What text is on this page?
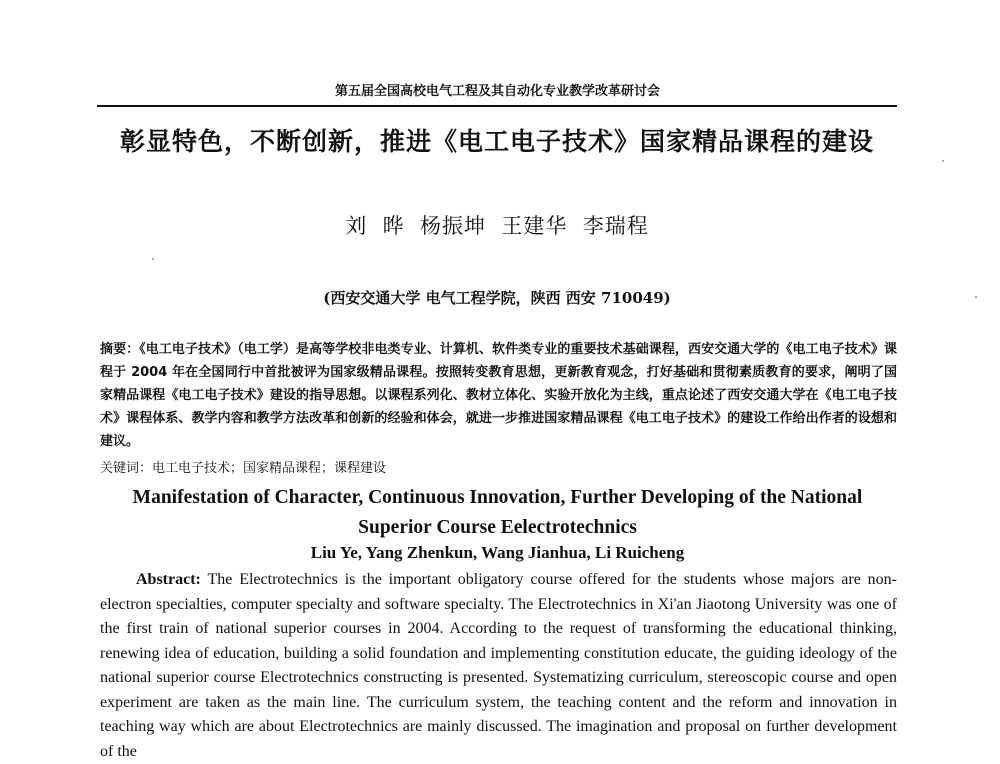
第五届全国高校电气工程及其自动化专业教学改革研讨会
彰显特色，不断创新，推进《电工电子技术》国家精品课程的建设
刘  晔  杨振坤  王建华  李瑞程
(西安交通大学 电气工程学院，陕西 西安 710049)
摘要：《电工电子技术》（电工学）是高等学校非电类专业、计算机、软件类专业的重要技术基础课程，西安交通大学的《电工电子技术》课程于 2004 年在全国同行中首批被评为国家级精品课程。按照转变教育思想，更新教育观念，打好基础和贯彻素质教育的要求，阐明了国家精品课程《电工电子技术》建设的指导思想。以课程系列化、教材立体化、实验开放化为主线，重点论述了西安交通大学在《电工电子技术》课程体系、教学内容和教学方法改革和创新的经验和体会，就进一步推进国家精品课程《电工电子技术》的建设工作给出作者的设想和建议。
关键词：电工电子技术；国家精品课程；课程建设
Manifestation of Character, Continuous Innovation, Further Developing of the National Superior Course Eelectrotechnics
Liu Ye, Yang Zhenkun, Wang Jianhua, Li Ruicheng
Abstract: The Electrotechnics is the important obligatory course offered for the students whose majors are non-electron specialties, computer specialty and software specialty. The Electrotechnics in Xi'an Jiaotong University was one of the first train of national superior courses in 2004. According to the request of transforming the educational thinking, renewing idea of education, building a solid foundation and implementing constitution educate, the guiding ideology of the national superior course Electrotechnics constructing is presented. Systematizing curriculum, stereoscopic course and open experiment are taken as the main line. The curriculum system, the teaching content and the reform and innovation in teaching way which are about Electrotechnics are mainly discussed. The imagination and proposal on further development of the
